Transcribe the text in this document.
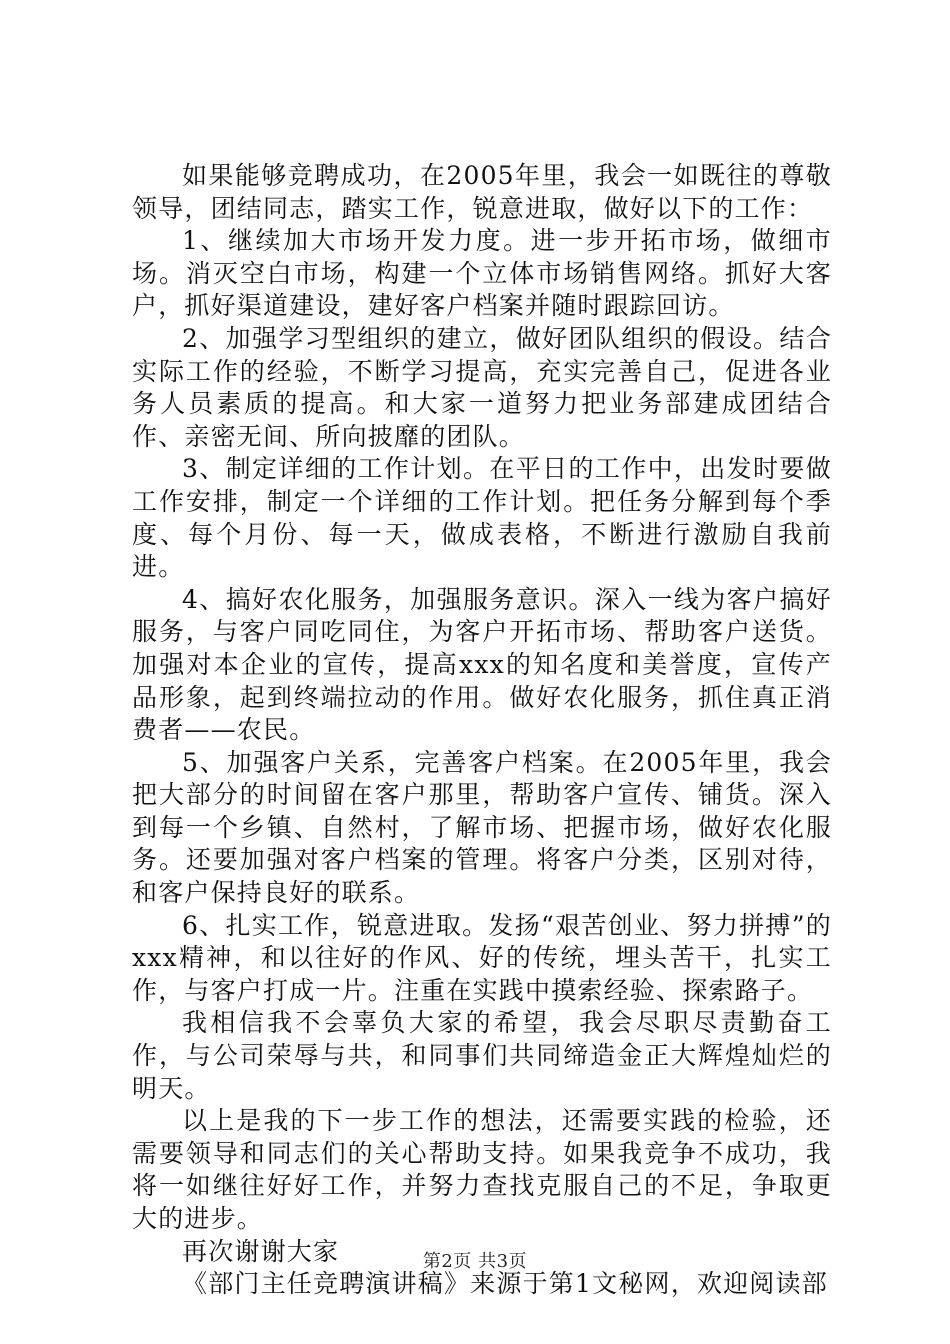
如果能够竞聘成功，在2005年里，我会一如既往的尊敬领导，团结同志，踏实工作，锐意进取，做好以下的工作：

1、继续加大市场开发力度。进一步开拓市场，做细市场。消灭空白市场，构建一个立体市场销售网络。抓好大客户，抓好渠道建设，建好客户档案并随时跟踪回访。

2、加强学习型组织的建立，做好团队组织的假设。结合实际工作的经验，不断学习提高，充实完善自己，促进各业务人员素质的提高。和大家一道努力把业务部建成团结合作、亲密无间、所向披靡的团队。

3、制定详细的工作计划。在平日的工作中，出发时要做工作安排，制定一个详细的工作计划。把任务分解到每个季度、每个月份、每一天，做成表格，不断进行激励自我前进。

4、搞好农化服务，加强服务意识。深入一线为客户搞好服务，与客户同吃同住，为客户开拓市场、帮助客户送货。加强对本企业的宣传，提高xxx的知名度和美誉度，宣传产品形象，起到终端拉动的作用。做好农化服务，抓住真正消费者——农民。

5、加强客户关系，完善客户档案。在2005年里，我会把大部分的时间留在客户那里，帮助客户宣传、铺货。深入到每一个乡镇、自然村，了解市场、把握市场，做好农化服务。还要加强对客户档案的管理。将客户分类，区别对待，和客户保持良好的联系。

6、扎实工作，锐意进取。发扬“艰苦创业、努力拼搏”的xxx精神，和以往好的作风、好的传统，埋头苦干，扎实工作，与客户打成一片。注重在实践中摸索经验、探索路子。

我相信我不会辜负大家的希望，我会尽职尽责勤奋工作，与公司荣辱与共，和同事们共同缔造金正大辉煌灿烂的明天。

以上是我的下一步工作的想法，还需要实践的检验，还需要领导和同志们的关心帮助支持。如果我竞争不成功，我将一如继往好好工作，并努力查找克服自己的不足，争取更大的进步。

再次谢谢大家

《部门主任竞聘演讲稿》来源于第1文秘网，欢迎阅读部

第2页 共3页
